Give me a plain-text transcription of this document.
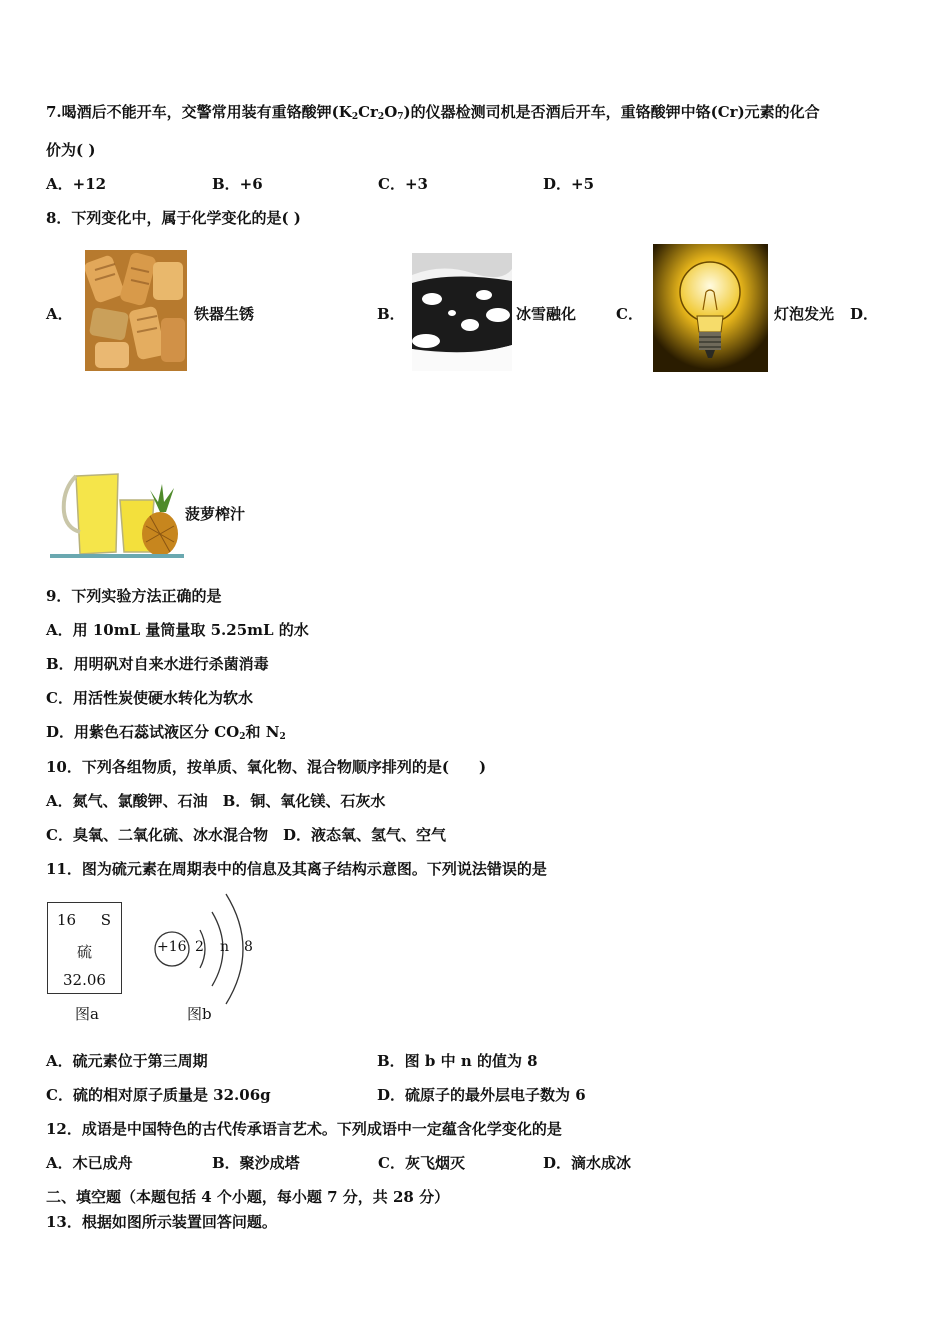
7.喝酒后不能开车，交警常用装有重铬酸钾$(K_2Cr_2O_7)$的仪器检测司机是否酒后开车，重铬酸钾中铬(Cr)元素的化合
价为( )
A．+12	B．+6	C．+3	D．+5
8．下列变化中，属于化学变化的是( )
A．	铁器生锈	B．	冰雪融化	C．	灯泡发光 D．
菠萝榨汁
9．下列实验方法正确的是
A．用 10mL 量筒量取 5.25mL 的水
B．用明矾对自来水进行杀菌消毒
C．用活性炭使硬水转化为软水
D．用紫色石蕊试液区分 $CO_2$和 $N_2$
10．下列各组物质，按单质、氧化物、混合物顺序排列的是(　　)
A．氮气、氯酸钾、石油　B．铜、氧化镁、石灰水
C．臭氧、二氧化硫、冰水混合物　D．液态氧、氢气、空气
11．图为硫元素在周期表中的信息及其离子结构示意图。下列说法错误的是
16 S
硫
32.06
图a
+16 2 n 8
图b
A．硫元素位于第三周期	B．图 b 中 n 的值为 8
C．硫的相对原子质量是 32.06g	D．硫原子的最外层电子数为 6
12．成语是中国特色的古代传承语言艺术。下列成语中一定蕴含化学变化的是
A．木已成舟	B．聚沙成塔	C．灰飞烟灭	D．滴水成冰
二、填空题（本题包括 4 个小题，每小题 7 分，共 28 分）
13．根据如图所示装置回答问题。
